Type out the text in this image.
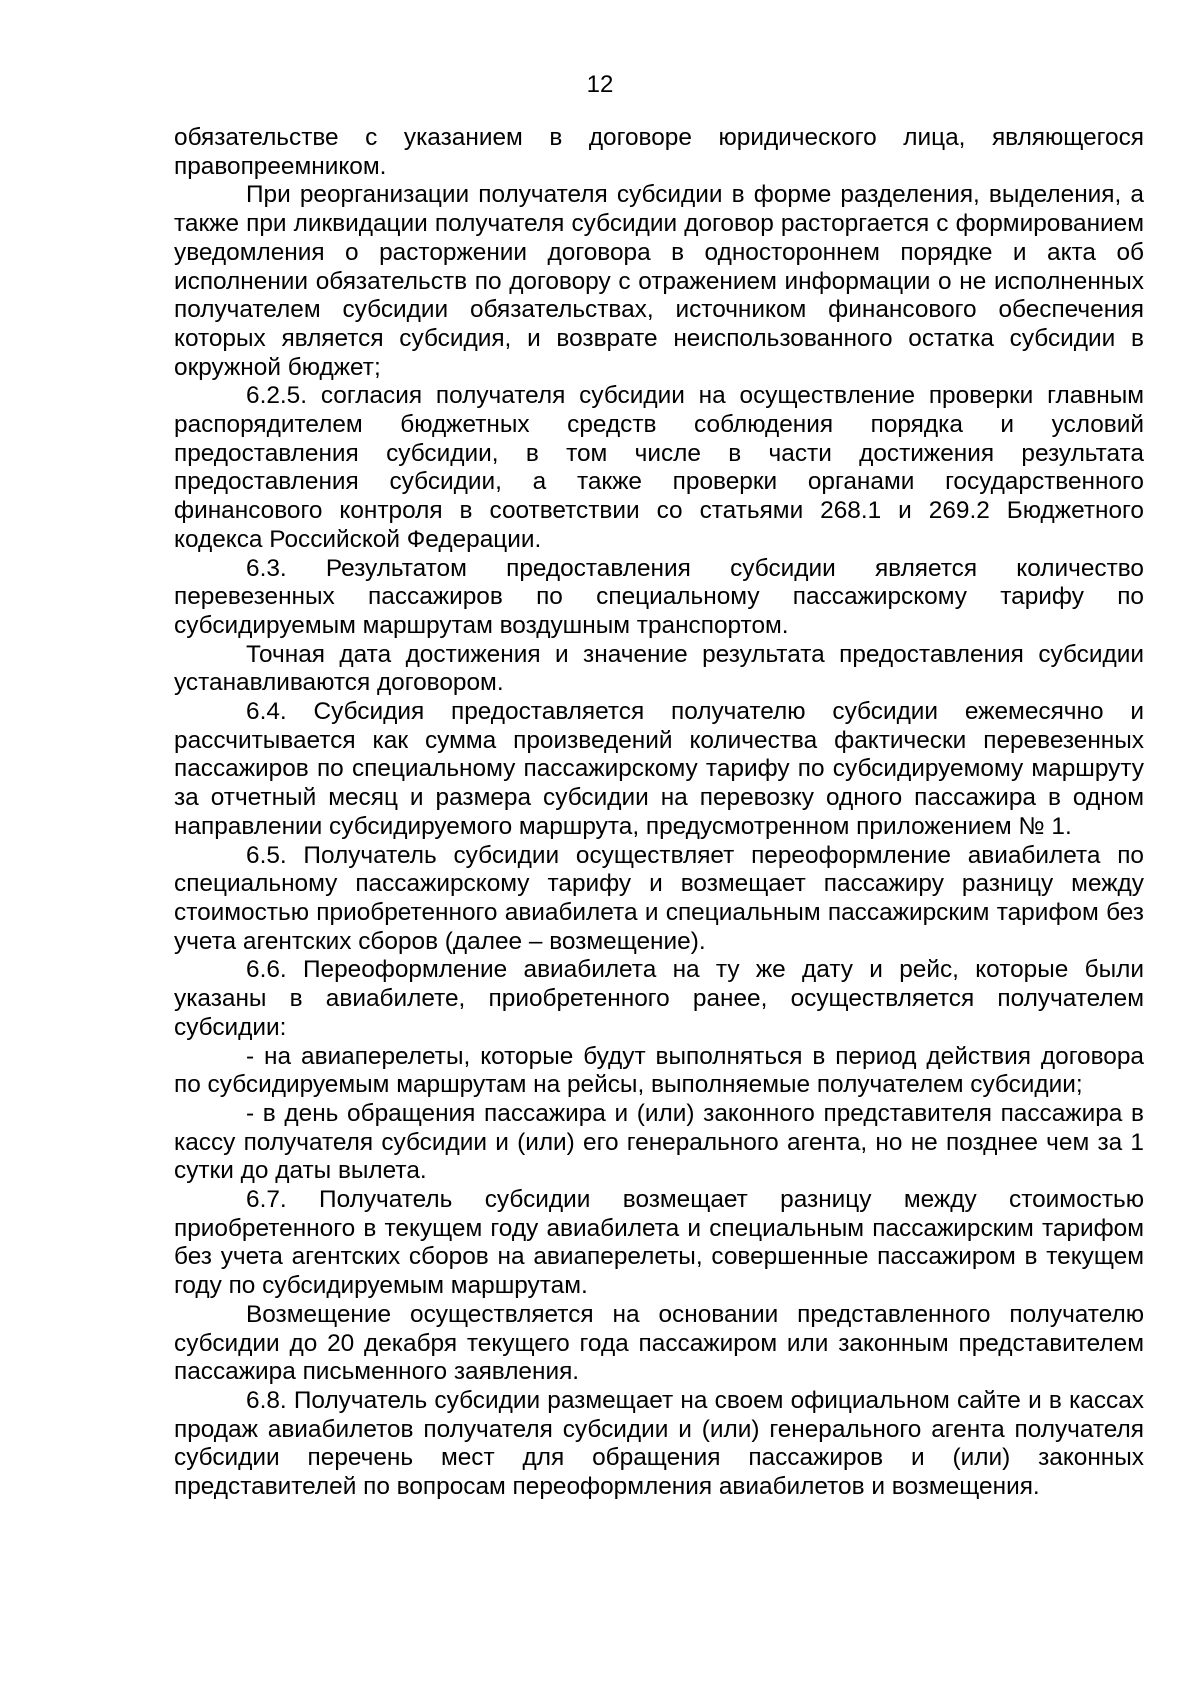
12

обязательстве с указанием в договоре юридического лица, являющегося правопреемником.

При реорганизации получателя субсидии в форме разделения, выделения, а также при ликвидации получателя субсидии договор расторгается с формированием уведомления о расторжении договора в одностороннем порядке и акта об исполнении обязательств по договору с отражением информации о не исполненных получателем субсидии обязательствах, источником финансового обеспечения которых является субсидия, и возврате неиспользованного остатка субсидии в окружной бюджет;

6.2.5. согласия получателя субсидии на осуществление проверки главным распорядителем бюджетных средств соблюдения порядка и условий предоставления субсидии, в том числе в части достижения результата предоставления субсидии, а также проверки органами государственного финансового контроля в соответствии со статьями 268.1 и 269.2 Бюджетного кодекса Российской Федерации.

6.3. Результатом предоставления субсидии является количество перевезенных пассажиров по специальному пассажирскому тарифу по субсидируемым маршрутам воздушным транспортом.

Точная дата достижения и значение результата предоставления субсидии устанавливаются договором.

6.4. Субсидия предоставляется получателю субсидии ежемесячно и рассчитывается как сумма произведений количества фактически перевезенных пассажиров по специальному пассажирскому тарифу по субсидируемому маршруту за отчетный месяц и размера субсидии на перевозку одного пассажира в одном направлении субсидируемого маршрута, предусмотренном приложением № 1.

6.5. Получатель субсидии осуществляет переоформление авиабилета по специальному пассажирскому тарифу и возмещает пассажиру разницу между стоимостью приобретенного авиабилета и специальным пассажирским тарифом без учета агентских сборов (далее – возмещение).

6.6. Переоформление авиабилета на ту же дату и рейс, которые были указаны в авиабилете, приобретенного ранее, осуществляется получателем субсидии:

- на авиаперелеты, которые будут выполняться в период действия договора по субсидируемым маршрутам на рейсы, выполняемые получателем субсидии;

- в день обращения пассажира и (или) законного представителя пассажира в кассу получателя субсидии и (или) его генерального агента, но не позднее чем за 1 сутки до даты вылета.

6.7. Получатель субсидии возмещает разницу между стоимостью приобретенного в текущем году авиабилета и специальным пассажирским тарифом без учета агентских сборов на авиаперелеты, совершенные пассажиром в текущем году по субсидируемым маршрутам.

Возмещение осуществляется на основании представленного получателю субсидии до 20 декабря текущего года пассажиром или законным представителем пассажира письменного заявления.

6.8. Получатель субсидии размещает на своем официальном сайте и в кассах продаж авиабилетов получателя субсидии и (или) генерального агента получателя субсидии перечень мест для обращения пассажиров и (или) законных представителей по вопросам переоформления авиабилетов и возмещения.
